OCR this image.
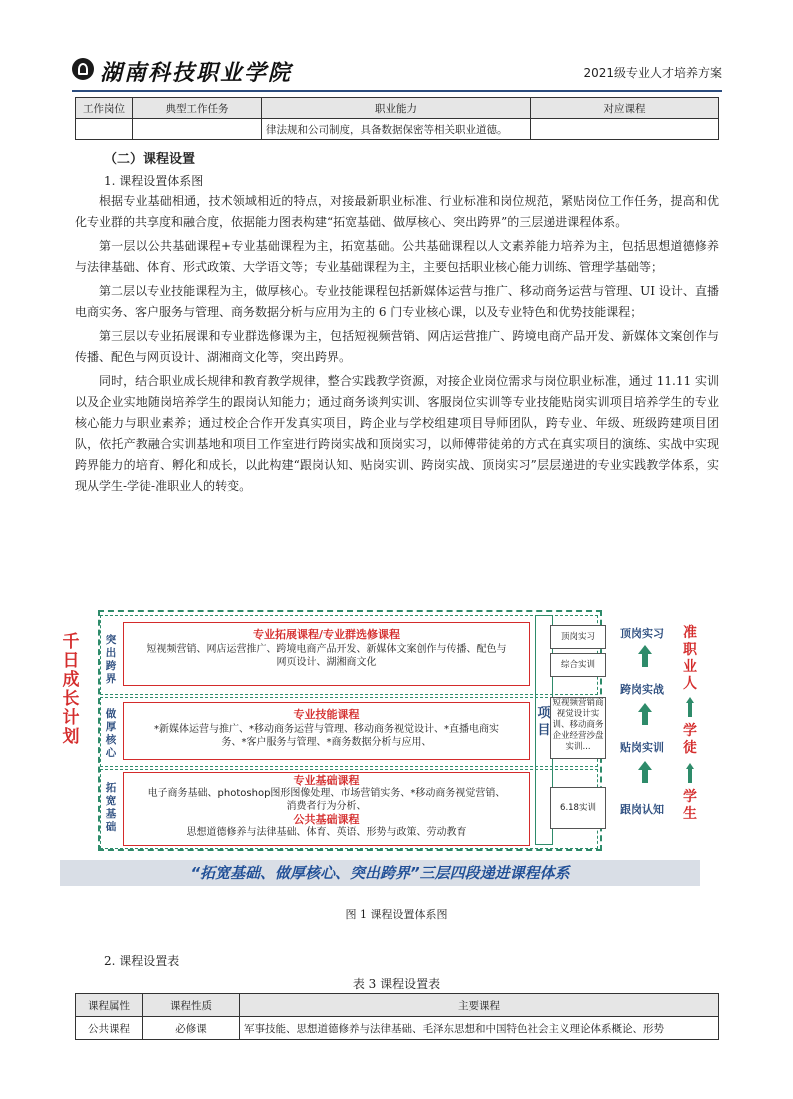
湖南科技职业学院	2021级专业人才培养方案
工作岗位	典型工作任务	职业能力	对应课程
		律法规和公司制度，具备数据保密等相关职业道德。	
（二）课程设置
1. 课程设置体系图

根据专业基础相通，技术领域相近的特点，对接最新职业标准、行业标准和岗位规范，紧贴岗位工作任务，提高和优化专业群的共享度和融合度，依据能力图表构建“拓宽基础、做厚核心、突出跨界”的三层递进课程体系。

第一层以公共基础课程+专业基础课程为主，拓宽基础。公共基础课程以人文素养能力培养为主，包括思想道德修养与法律基础、体育、形式政策、大学语文等；专业基础课程为主，主要包括职业核心能力训练、管理学基础等；

第二层以专业技能课程为主，做厚核心。专业技能课程包括新媒体运营与推广、移动商务运营与管理、UI 设计、直播电商实务、客户服务与管理、商务数据分析与应用为主的 6 门专业核心课，以及专业特色和优势技能课程；

第三层以专业拓展课和专业群选修课为主，包括短视频营销、网店运营推广、跨境电商产品开发、新媒体文案创作与传播、配色与网页设计、湖湘商文化等，突出跨界。

同时，结合职业成长规律和教育教学规律，整合实践教学资源，对接企业岗位需求与岗位职业标准，通过 11.11 实训以及企业实地随岗培养学生的跟岗认知能力；通过商务谈判实训、客服岗位实训等专业技能贴岗实训项目培养学生的专业核心能力与职业素养；通过校企合作开发真实项目，跨企业与学校组建项目导师团队，跨专业、年级、班级跨建项目团队，依托产教融合实训基地和项目工作室进行跨岗实战和顶岗实习，以师傅带徒弟的方式在真实项目的演练、实战中实现跨界能力的培育、孵化和成长，以此构建“跟岗认知、贴岗实训、跨岗实战、顶岗实习”层层递进的专业实践教学体系，实现从学生-学徒-准职业人的转变。

千日成长计划
突出跨界
专业拓展课程/专业群选修课程
短视频营销、网店运营推广、跨境电商产品开发、新媒体文案创作与传播、配色与网页设计、湖湘商文化
做厚核心
专业技能课程
*新媒体运营与推广、*移动商务运营与管理、移动商务视觉设计、*直播电商实务、*客户服务与管理、*商务数据分析与应用、
拓宽基础
专业基础课程
电子商务基础、photoshop图形图像处理、市场营销实务、*移动商务视觉营销、消费者行为分析、
公共基础课程
思想道德修养与法律基础、体育、英语、形势与政策、劳动教育
项目
顶岗实习
综合实训
短视频营销商视觉设计实训、移动商务企业经营沙盘实训...
6.18实训
顶岗实习
跨岗实战
贴岗实训
跟岗认知
准职业人
学徒
学生
“拓宽基础、做厚核心、突出跨界”三层四段递进课程体系
图 1 课程设置体系图
2. 课程设置表
表 3 课程设置表
课程属性	课程性质	主要课程
公共课程	必修课	军事技能、思想道德修养与法律基础、毛泽东思想和中国特色社会主义理论体系概论、形势
